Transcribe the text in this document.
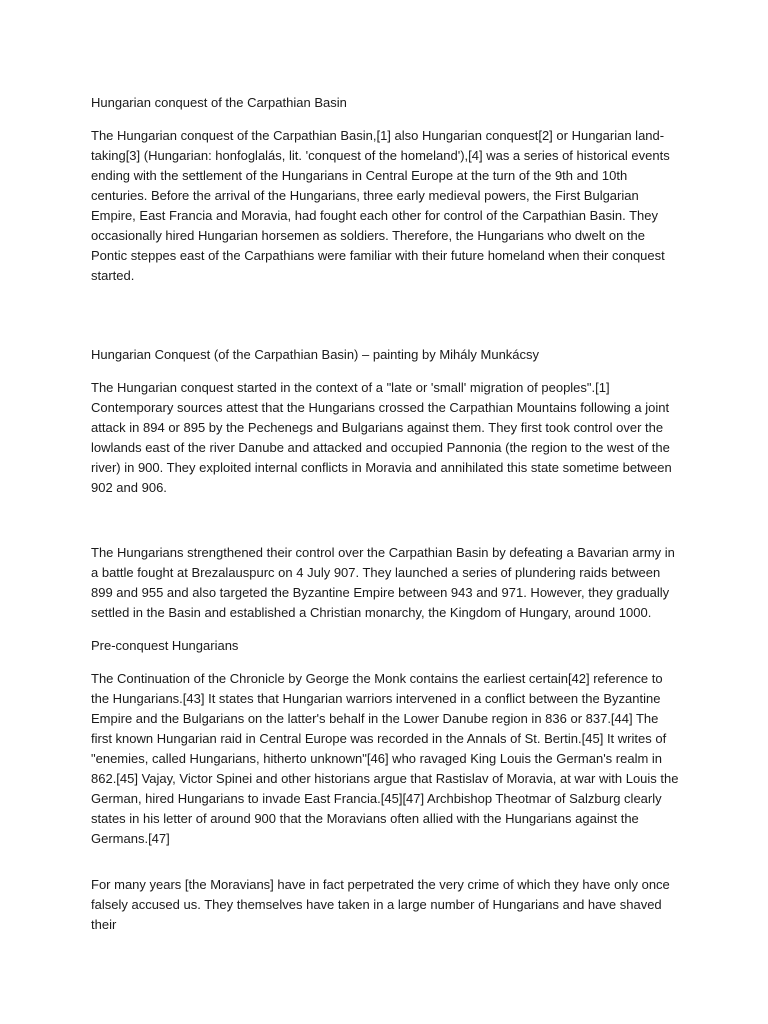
Hungarian conquest of the Carpathian Basin

The Hungarian conquest of the Carpathian Basin,[1] also Hungarian conquest[2] or Hungarian land-taking[3] (Hungarian: honfoglalás, lit. 'conquest of the homeland'),[4] was a series of historical events ending with the settlement of the Hungarians in Central Europe at the turn of the 9th and 10th centuries. Before the arrival of the Hungarians, three early medieval powers, the First Bulgarian Empire, East Francia and Moravia, had fought each other for control of the Carpathian Basin. They occasionally hired Hungarian horsemen as soldiers. Therefore, the Hungarians who dwelt on the Pontic steppes east of the Carpathians were familiar with their future homeland when their conquest started.

Hungarian Conquest (of the Carpathian Basin) – painting by Mihály Munkácsy

The Hungarian conquest started in the context of a "late or 'small' migration of peoples".[1] Contemporary sources attest that the Hungarians crossed the Carpathian Mountains following a joint attack in 894 or 895 by the Pechenegs and Bulgarians against them. They first took control over the lowlands east of the river Danube and attacked and occupied Pannonia (the region to the west of the river) in 900. They exploited internal conflicts in Moravia and annihilated this state sometime between 902 and 906.

The Hungarians strengthened their control over the Carpathian Basin by defeating a Bavarian army in a battle fought at Brezalauspurc on 4 July 907. They launched a series of plundering raids between 899 and 955 and also targeted the Byzantine Empire between 943 and 971. However, they gradually settled in the Basin and established a Christian monarchy, the Kingdom of Hungary, around 1000.

Pre-conquest Hungarians

The Continuation of the Chronicle by George the Monk contains the earliest certain[42] reference to the Hungarians.[43] It states that Hungarian warriors intervened in a conflict between the Byzantine Empire and the Bulgarians on the latter's behalf in the Lower Danube region in 836 or 837.[44] The first known Hungarian raid in Central Europe was recorded in the Annals of St. Bertin.[45] It writes of "enemies, called Hungarians, hitherto unknown"[46] who ravaged King Louis the German's realm in 862.[45] Vajay, Victor Spinei and other historians argue that Rastislav of Moravia, at war with Louis the German, hired Hungarians to invade East Francia.[45][47] Archbishop Theotmar of Salzburg clearly states in his letter of around 900 that the Moravians often allied with the Hungarians against the Germans.[47]

For many years [the Moravians] have in fact perpetrated the very crime of which they have only once falsely accused us. They themselves have taken in a large number of Hungarians and have shaved their
